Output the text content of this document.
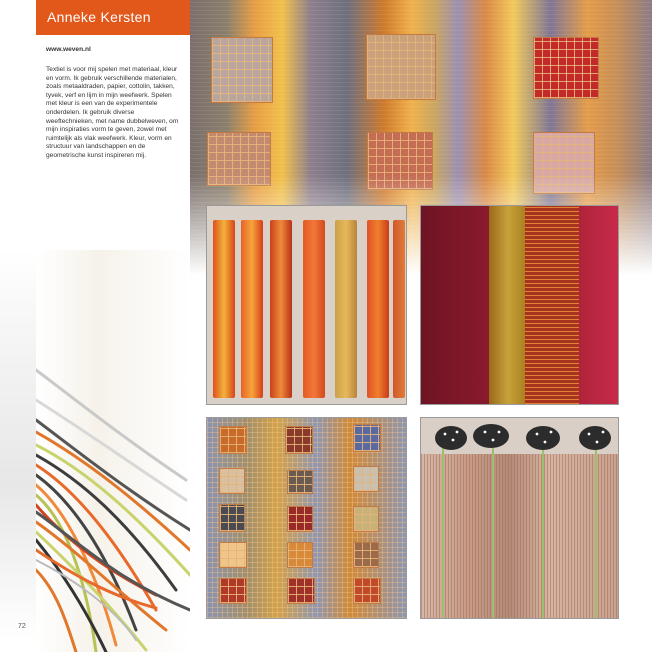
Anneke Kersten
www.weven.nl
Textiel is voor mij spelen met materiaal, kleur en vorm. Ik gebruik verschillende materialen, zoals metaaldraden, papier, cottolin, takken, tyvek, verf en lijm in mijn weefwerk. Spelen met kleur is een van de experimentele onderdelen. Ik gebruik diverse weeftechnieken, met name dubbelweven, om mijn inspiraties vorm te geven, zowel met ruimtelijk als vlak weefwerk. Kleur, vorm en structuur van landschappen en de geometrische kunst inspireren mij.
72
